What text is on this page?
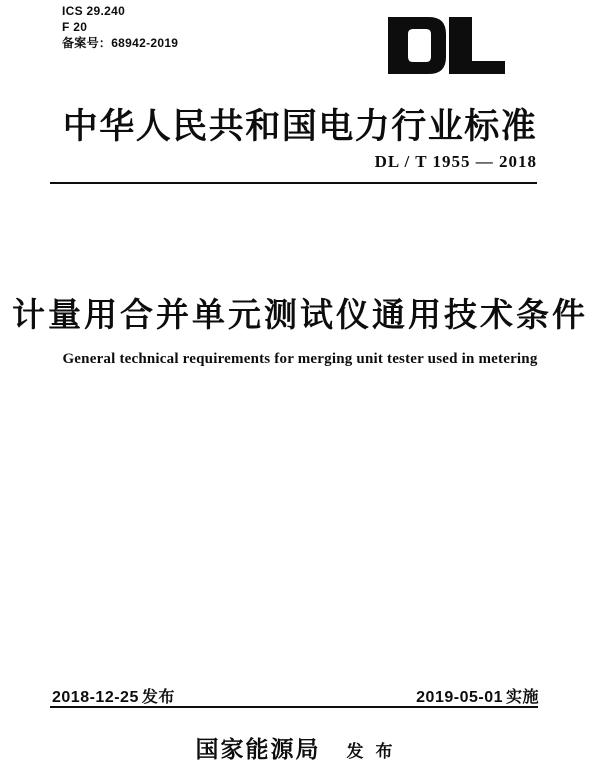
ICS 29.240
F 20
备案号：68942-2019
中华人民共和国电力行业标准
DL / T 1955 — 2018
计量用合并单元测试仪通用技术条件
General technical requirements for merging unit tester used in metering
2018-12-25 发布	2019-05-01 实施
国家能源局 发布
